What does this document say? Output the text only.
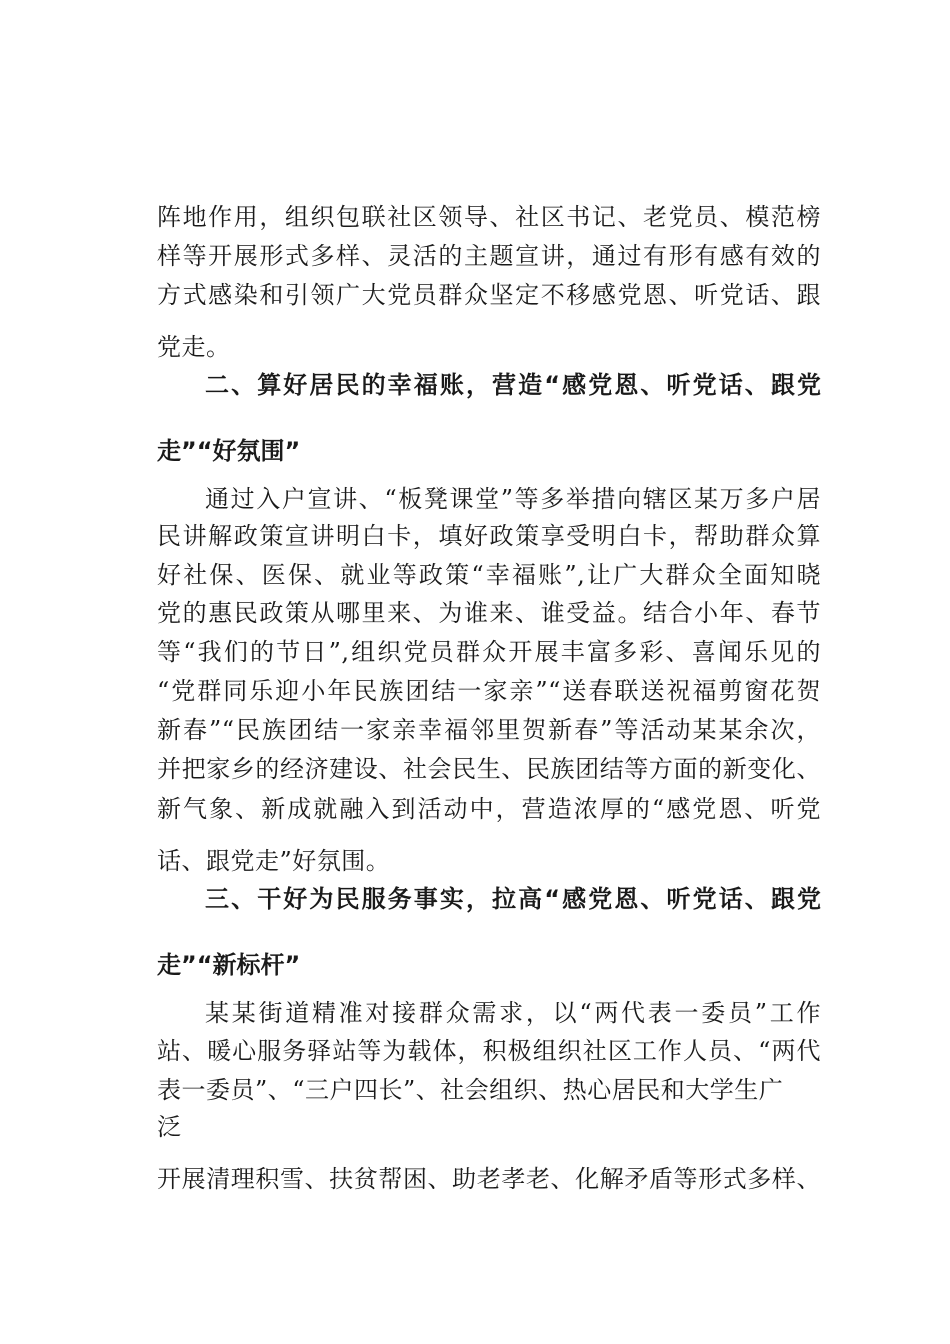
阵地作用，组织包联社区领导、社区书记、老党员、模范榜
样等开展形式多样、灵活的主题宣讲，通过有形有感有效的
方式感染和引领广大党员群众坚定不移感党恩、听党话、跟
党走。
二、算好居民的幸福账，营造“感党恩、听党话、跟党
走”“好氛围”
通过入户宣讲、“板凳课堂”等多举措向辖区某万多户居
民讲解政策宣讲明白卡，填好政策享受明白卡，帮助群众算
好社保、医保、就业等政策“幸福账”,让广大群众全面知晓
党的惠民政策从哪里来、为谁来、谁受益。结合小年、春节
等“我们的节日”,组织党员群众开展丰富多彩、喜闻乐见的
“党群同乐迎小年民族团结一家亲”“送春联送祝福剪窗花贺
新春”“民族团结一家亲幸福邻里贺新春”等活动某某余次，
并把家乡的经济建设、社会民生、民族团结等方面的新变化、
新气象、新成就融入到活动中，营造浓厚的“感党恩、听党
话、跟党走”好氛围。
三、干好为民服务事实，拉高“感党恩、听党话、跟党
走”“新标杆”
某某街道精准对接群众需求，以“两代表一委员”工作
站、暖心服务驿站等为载体，积极组织社区工作人员、“两代
表一委员”、“三户四长”、社会组织、热心居民和大学生广
泛
开展清理积雪、扶贫帮困、助老孝老、化解矛盾等形式多样、
